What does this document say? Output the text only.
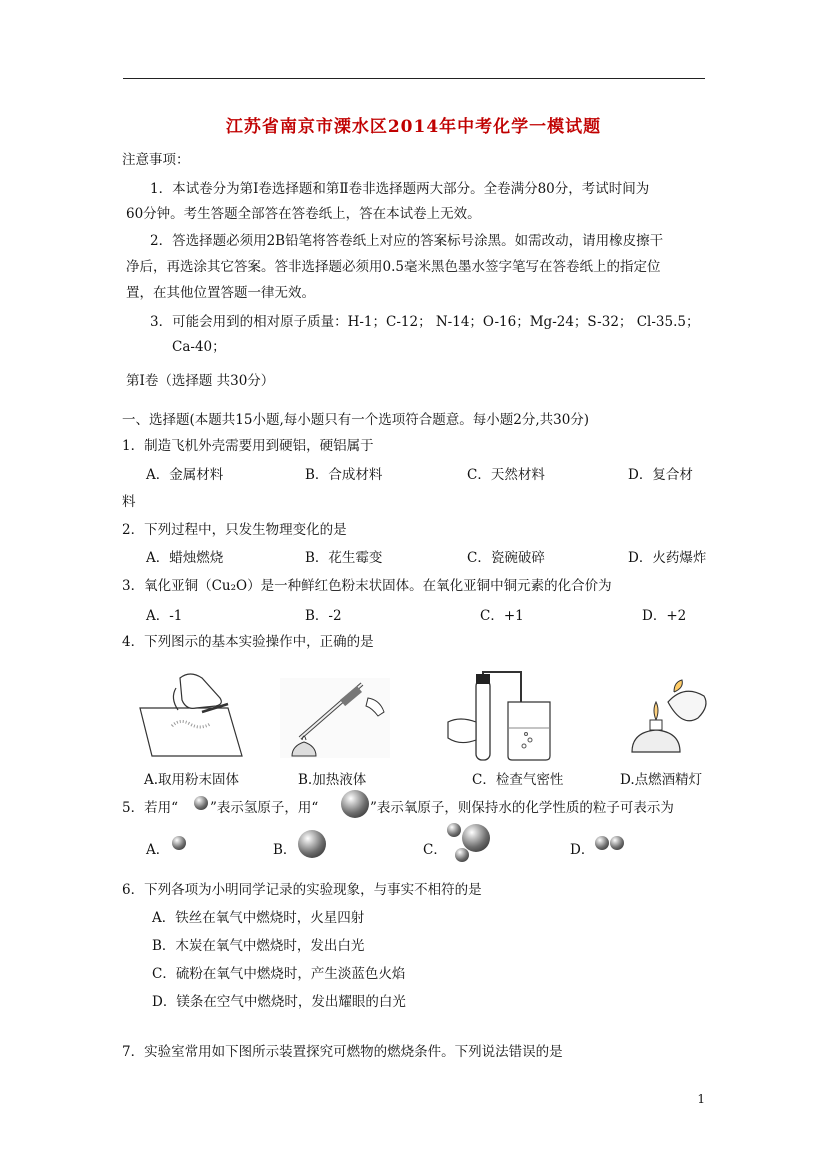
江苏省南京市溧水区2014年中考化学一模试题
注意事项：
1．本试卷分为第Ⅰ卷选择题和第Ⅱ卷非选择题两大部分。全卷满分80分，考试时间为
60分钟。考生答题全部答在答卷纸上，答在本试卷上无效。
2．答选择题必须用2B铅笔将答卷纸上对应的答案标号涂黑。如需改动，请用橡皮擦干
净后，再选涂其它答案。答非选择题必须用0.5毫米黑色墨水签字笔写在答卷纸上的指定位
置，在其他位置答题一律无效。
3．可能会用到的相对原子质量：H-1；C-12； N-14；O-16；Mg-24；S-32； Cl-35.5；
Ca-40；
第Ⅰ卷（选择题 共30分）
一、选择题(本题共15小题,每小题只有一个选项符合题意。每小题2分,共30分)
1．制造飞机外壳需要用到硬铝，硬铝属于
A．金属材料	B．合成材料	C．天然材料	D．复合材
料
2．下列过程中，只发生物理变化的是
A．蜡烛燃烧	B．花生霉变	C．瓷碗破碎	D．火药爆炸
3．氧化亚铜（Cu₂O）是一种鲜红色粉末状固体。在氧化亚铜中铜元素的化合价为
A．-1	B．-2	C．+1	D．+2
4．下列图示的基本实验操作中，正确的是
A.取用粉末固体	B.加热液体	C．检查气密性	D.点燃酒精灯
5．若用“ ”表示氢原子，用“	”表示氧原子，则保持水的化学性质的粒子可表示为
A．	B．	C．	D．
6．下列各项为小明同学记录的实验现象，与事实不相符的是
A．铁丝在氧气中燃烧时，火星四射
B．木炭在氧气中燃烧时，发出白光
C．硫粉在氧气中燃烧时，产生淡蓝色火焰
D．镁条在空气中燃烧时，发出耀眼的白光
7．实验室常用如下图所示装置探究可燃物的燃烧条件。下列说法错误的是
1
